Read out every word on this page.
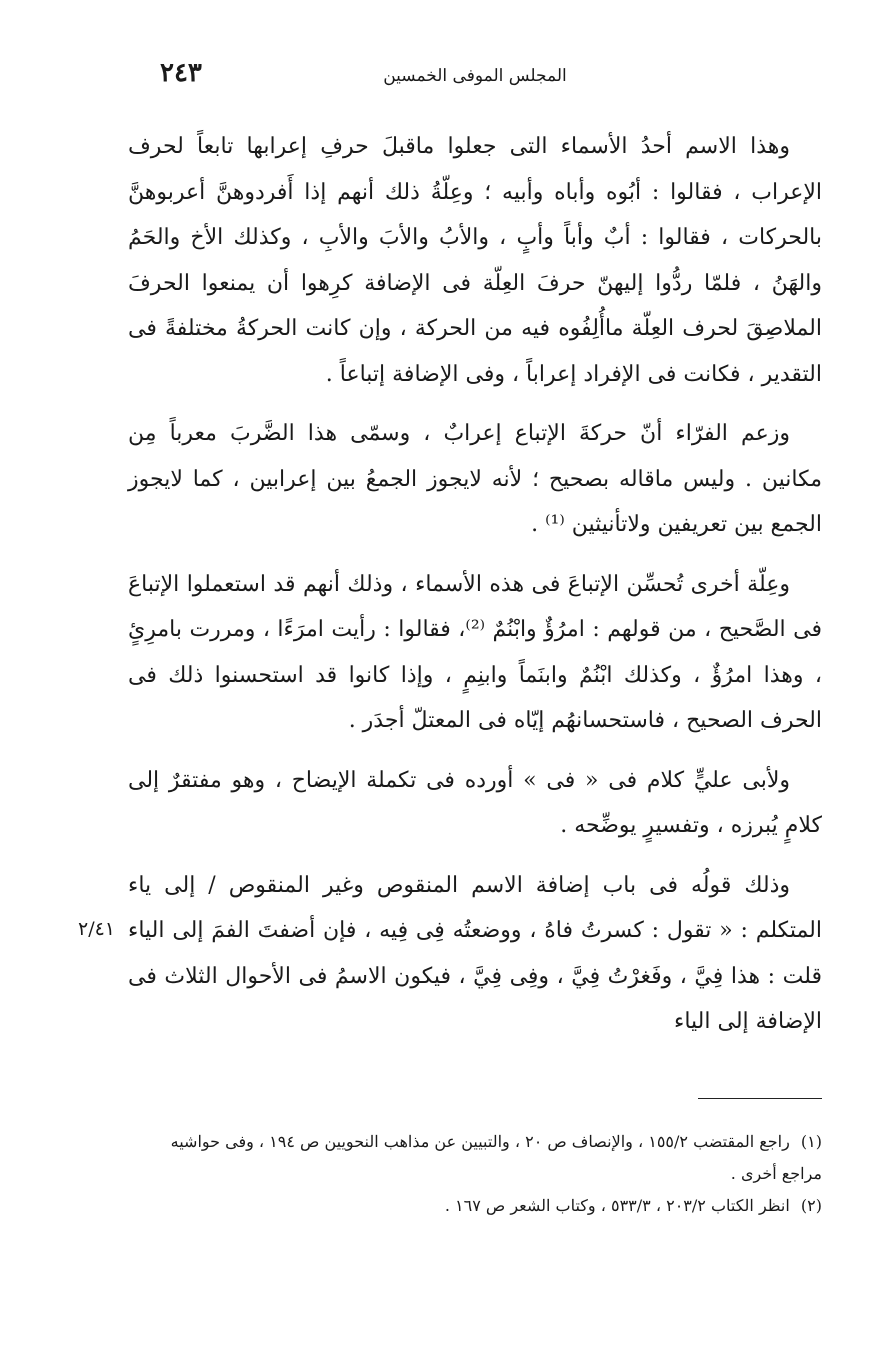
٢٤٣	المجلس الموفى الخمسين

وهذا الاسم أحدُ الأسماء التى جعلوا ماقبلَ حرفِ إعرابها تابعاً لحرف الإعراب ، فقالوا : أبُوه وأباه وأبيه ؛ وعِلّةُ ذلك أنهم إذا أَفردوهنَّ أعربوهنَّ بالحركات ، فقالوا : أبٌ وأباً وأبٍ ، والأبُ والأبَ والأبِ ، وكذلك الأخ والحَمُ والهَنُ ، فلمّا ردُّوا إليهنّ حرفَ العِلّة فى الإضافة كرِهوا أن يمنعوا الحرفَ الملاصِقَ لحرف العِلّة ماأُلِفُوه فيه من الحركة ، وإن كانت الحركةُ مختلفةً فى التقدير ، فكانت فى الإفراد إعراباً ، وفى الإضافة إتباعاً .

وزعم الفرّاء أنّ حركةَ الإتباع إعرابٌ ، وسمّى هذا الضَّربَ معرباً مِن مكانين . وليس ماقاله بصحيح ؛ لأنه لايجوز الجمعُ بين إعرابين ، كما لايجوز الجمع بين تعريفين ولاتأنيثين ⁽¹⁾ .

وعِلّة أخرى تُحسِّن الإتباعَ فى هذه الأسماء ، وذلك أنهم قد استعملوا الإتباعَ فى الصَّحيح ، من قولهم : امرُؤٌ وابْنُمٌ ⁽²⁾، فقالوا : رأيت امرَءًا ، ومررت بامرِئٍ ، وهذا امرُؤٌ ، وكذلك ابْنُمٌ وابنَماً وابنِمٍ ، وإذا كانوا قد استحسنوا ذلك فى الحرف الصحيح ، فاستحسانهُم إيّاه فى المعتلّ أجدَر .

ولأبى عليٍّ كلام فى « فى » أورده فى تكملة الإيضاح ، وهو مفتقرٌ إلى كلامٍ يُبرزه ، وتفسيرٍ يوضِّحه .

وذلك قولُه فى باب إضافة الاسم المنقوص وغير المنقوص / إلى ياء المتكلم : « تقول : كسرتُ فاهُ ، ووضعتُه فِى فِيه ، فإن أضفتَ الفمَ إلى الياء قلت : هذا فِيَّ ، وفَغرْتُ فِيَّ ، وفِى فِيَّ ، فيكون الاسمُ فى الأحوال الثلاث فى الإضافة إلى الياء

٢/٤١

(١) راجع المقتضب ١٥٥/٢ ، والإنصاف ص ٢٠ ، والتبيين عن مذاهب النحويين ص ١٩٤ ، وفى حواشيه مراجع أخرى .

(٢) انظر الكتاب ٢٠٣/٢ ، ٥٣٣/٣ ، وكتاب الشعر ص ١٦٧ .
